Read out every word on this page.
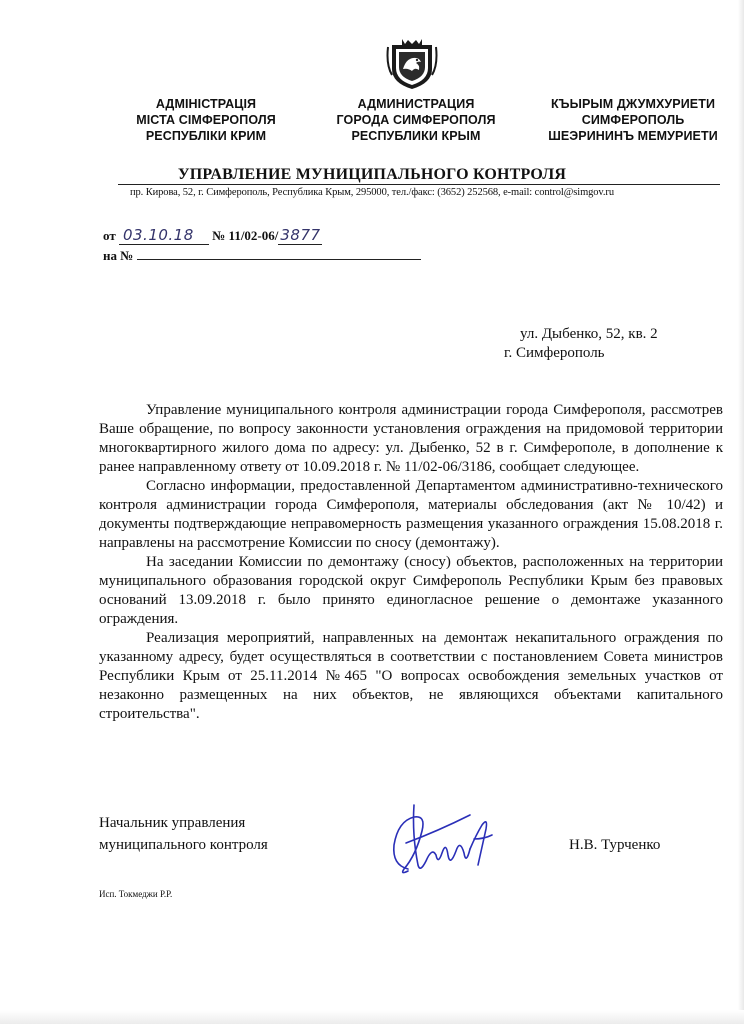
АДМІНІСТРАЦІЯ
МІСТА СІМФЕРОПОЛЯ
РЕСПУБЛІКИ КРИМ
АДМИНИСТРАЦИЯ
ГОРОДА СИМФЕРОПОЛЯ
РЕСПУБЛИКИ КРЫМ
КЪЫРЫМ ДЖУМХУРИЕТИ
СИМФЕРОПОЛЬ
ШЕЭРИНИНЪ МЕМУРИЕТИ
УПРАВЛЕНИЕ МУНИЦИПАЛЬНОГО КОНТРОЛЯ
пр. Кирова, 52, г. Симферополь, Республика Крым, 295000, тел./факс: (3652) 252568, e-mail: control@simgov.ru
от 03.10.18 № 11/02-06/ 3877
на №
ул. Дыбенко, 52, кв. 2
г. Симферополь

Управление муниципального контроля администрации города Симферополя, рассмотрев Ваше обращение, по вопросу законности установления ограждения на придомовой территории многоквартирного жилого дома по адресу: ул. Дыбенко, 52 в г. Симферополе, в дополнение к ранее направленному ответу от 10.09.2018 г. № 11/02-06/3186, сообщает следующее.

Согласно информации, предоставленной Департаментом административно-технического контроля администрации города Симферополя, материалы обследования (акт № 10/42) и документы подтверждающие неправомерность размещения указанного ограждения 15.08.2018 г. направлены на рассмотрение Комиссии по сносу (демонтажу).

На заседании Комиссии по демонтажу (сносу) объектов, расположенных на территории муниципального образования городской округ Симферополь Республики Крым без правовых оснований 13.09.2018 г. было принято единогласное решение о демонтаже указанного ограждения.

Реализация мероприятий, направленных на демонтаж некапитального ограждения по указанному адресу, будет осуществляться в соответствии с постановлением Совета министров Республики Крым от 25.11.2014 №465 "О вопросах освобождения земельных участков от незаконно размещенных на них объектов, не являющихся объектами капитального строительства".

Начальник управления
муниципального контроля	Н.В. Турченко
Исп. Токмеджи Р.Р.
